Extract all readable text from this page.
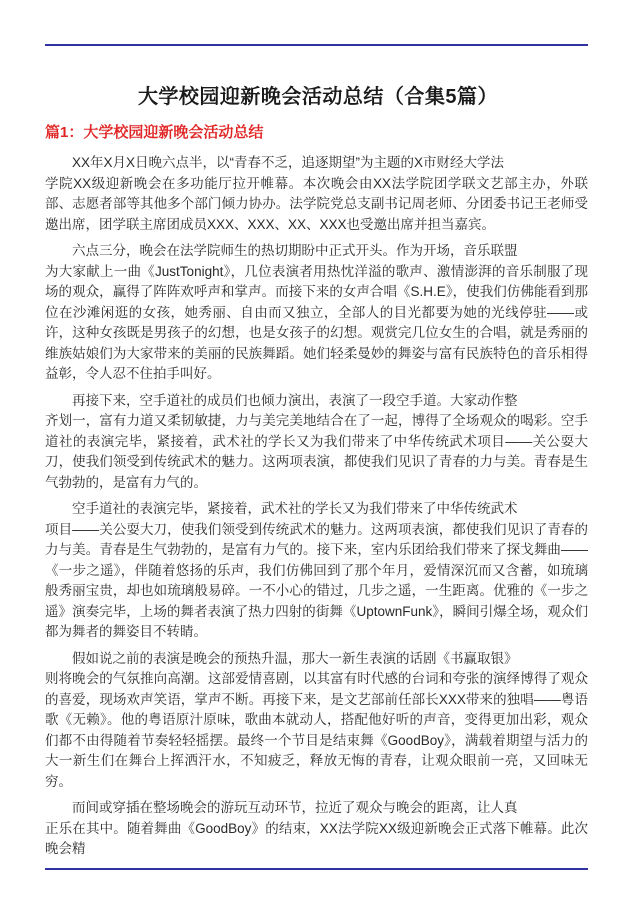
大学校园迎新晚会活动总结（合集5篇）
篇1：大学校园迎新晚会活动总结

XX年X月X日晚六点半，以“青春不乏，追逐期望”为主题的X市财经大学法
学院XX级迎新晚会在多功能厅拉开帷幕。本次晚会由XX法学院团学联文艺部主办，外联部、志愿者部等其他多个部门倾力协办。法学院党总支副书记周老师、分团委书记王老师受邀出席，团学联主席团成员XXX、XXX、XX、XXX也受邀出席并担当嘉宾。

六点三分，晚会在法学院师生的热切期盼中正式开头。作为开场，音乐联盟
为大家献上一曲《JustTonight》，几位表演者用热忱洋溢的歌声、激情澎湃的音乐制服了现场的观众，赢得了阵阵欢呼声和掌声。而接下来的女声合唱《S.H.E》，使我们仿佛能看到那位在沙滩闲逛的女孩，她秀丽、自由而又独立，全部人的目光都要为她的光线停驻——或许，这种女孩既是男孩子的幻想，也是女孩子的幻想。观赏完几位女生的合唱，就是秀丽的维族姑娘们为大家带来的美丽的民族舞蹈。她们轻柔曼妙的舞姿与富有民族特色的音乐相得益彰，令人忍不住拍手叫好。

再接下来，空手道社的成员们也倾力演出，表演了一段空手道。大家动作整
齐划一，富有力道又柔韧敏捷，力与美完美地结合在了一起，博得了全场观众的喝彩。空手道社的表演完毕，紧接着，武术社的学长又为我们带来了中华传统武术项目——关公耍大刀，使我们领受到传统武术的魅力。这两项表演，都使我们见识了青春的力与美。青春是生气勃勃的，是富有力气的。

空手道社的表演完毕，紧接着，武术社的学长又为我们带来了中华传统武术
项目——关公耍大刀，使我们领受到传统武术的魅力。这两项表演，都使我们见识了青春的力与美。青春是生气勃勃的，是富有力气的。接下来，室内乐团给我们带来了探戈舞曲——《一步之遥》，伴随着悠扬的乐声，我们仿佛回到了那个年月，爱情深沉而又含蓄，如琉璃般秀丽宝贵，却也如琉璃般易碎。一不小心的错过，几步之遥，一生距离。优雅的《一步之遥》演奏完毕，上场的舞者表演了热力四射的街舞《UptownFunk》，瞬间引爆全场，观众们都为舞者的舞姿目不转睛。

假如说之前的表演是晚会的预热升温，那大一新生表演的话剧《书赢取银》
则将晚会的气氛推向高潮。这部爱情喜剧，以其富有时代感的台词和夸张的演绎博得了观众的喜爱，现场欢声笑语，掌声不断。再接下来，是文艺部前任部长XXX带来的独唱——粤语歌《无赖》。他的粤语原汁原味，歌曲本就动人，搭配他好听的声音，变得更加出彩，观众们都不由得随着节奏轻轻摇摆。最终一个节目是结束舞《GoodBoy》，满载着期望与活力的大一新生们在舞台上挥洒汗水，不知疲乏，释放无悔的青春，让观众眼前一亮，又回味无穷。

而间或穿插在整场晚会的游玩互动环节，拉近了观众与晚会的距离，让人真
正乐在其中。随着舞曲《GoodBoy》的结束，XX法学院XX级迎新晚会正式落下帷幕。此次晚会精
